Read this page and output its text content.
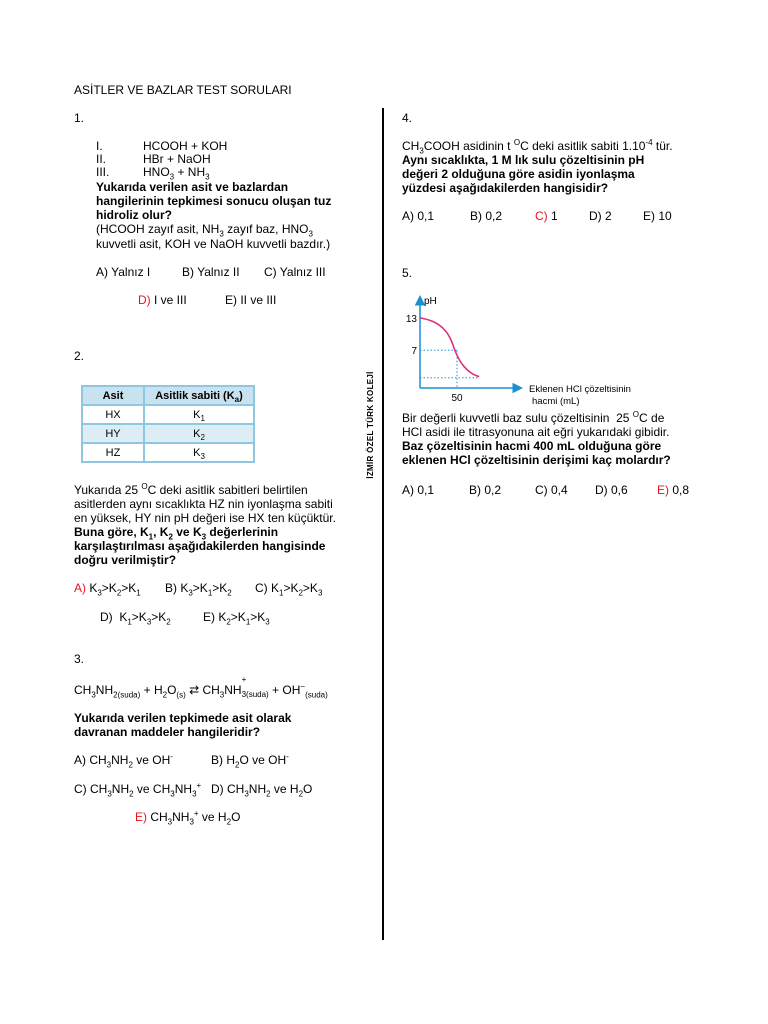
ASİTLER VE BAZLAR TEST SORULARI
İZMİR ÖZEL TÜRK KOLEJİ
1.
I.	HCOOH + KOH
II.	HBr + NaOH
III.	$HNO_3 + NH_3$
Yukarıda verilen asit ve bazlardan
hangilerinin tepkimesi sonucu oluşan tuz
hidroliz olur?
(HCOOH zayıf asit, $NH_3$ zayıf baz, $HNO_3$
kuvvetli asit, KOH ve NaOH kuvvetli bazdır.)
A) Yalnız I	B) Yalnız II C) Yalnız III
D) I ve III	E) II ve III
2.
Asit	Asitlik sabiti $(K_a)$
HX	$K_1$
HY	$K_2$
HZ	$K_3$
Yukarıda 25 $^O$C deki asitlik sabitleri belirtilen
asitlerden aynı sıcaklıkta HZ nin iyonlaşma sabiti
en yüksek, HY nin pH değeri ise HX ten küçüktür.
Buna göre, $K_1$, $K_2$ ve $K_3$ değerlerinin
karşılaştırılması aşağıdakilerden hangisinde
doğru verilmiştir?
A) $K_3>K_2>K_1$ B) $K_3>K_1>K_2$ C) $K_1>K_2>K_3$
D)  $K_1>K_3>K_2$	E) $K_2>K_1>K_3$
3.
$CH_3NH_{2(suda)} + H_2O_{(s)}$ ⇄ $CH_3NH$
$_{+ 3(suda)} + OH^-_{(suda)}$
Yukarıda verilen tepkimede asit olarak
davranan maddeler hangileridir?
A) $CH_3NH_2$ ve OH-	B) $H_2O$ ve OH-
C) $CH_3NH_2$ ve $CH_3NH_3^+$ D) $CH_3NH_2$ ve $H_2O$
E) $CH_3NH_3^+$ ve $H_2O$
4.
$CH_3COOH$ asidinin t $^O$C deki asitlik sabiti $1.10^{-4}$ tür.
Aynı sıcaklıkta, 1 M lık sulu çözeltisinin pH
değeri 2 olduğuna göre asidin iyonlaşma
yüzdesi aşağıdakilerden hangisidir?
A) 0,1	B) 0,2	C) 1	D) 2	E) 10
5.
pH
13
7
50
Eklenen HCl çözeltisinin
hacmi (mL)
Bir değerli kuvvetli baz sulu çözeltisinin  25 $^O$C de
HCl asidi ile titrasyonuna ait eğri yukarıdaki gibidir.
Baz çözeltisinin hacmi 400 mL olduğuna göre
eklenen HCl çözeltisinin derişimi kaç molardır?
A) 0,1	B) 0,2	C) 0,4 D) 0,6 E) 0,8
